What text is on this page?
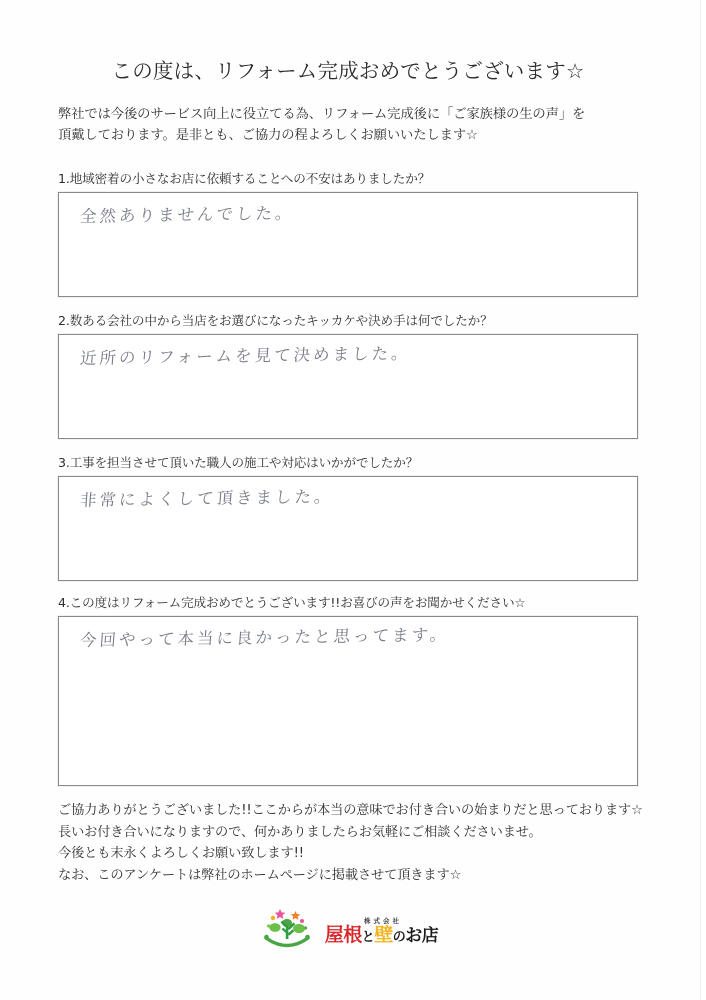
この度は、リフォーム完成おめでとうございます☆
弊社では今後のサービス向上に役立てる為、リフォーム完成後に「ご家族様の生の声」を
頂戴しております。是非とも、ご協力の程よろしくお願いいたします☆
1.地域密着の小さなお店に依頼することへの不安はありましたか？
全然ありませんでした。
2.数ある会社の中から当店をお選びになったキッカケや決め手は何でしたか？
近所のリフォームを見て決めました。
3.工事を担当させて頂いた職人の施工や対応はいかがでしたか？
非常によくして頂きました。
4.この度はリフォーム完成おめでとうございます!!お喜びの声をお聞かせください☆
今回やって本当に良かったと思ってます。
ご協力ありがとうございました!!ここからが本当の意味でお付き合いの始まりだと思っております☆
長いお付き合いになりますので、何かありましたらお気軽にご相談くださいませ。
今後とも末永くよろしくお願い致します!!
なお、このアンケートは弊社のホームページに掲載させて頂きます☆
株式会社
屋根と壁のお店
